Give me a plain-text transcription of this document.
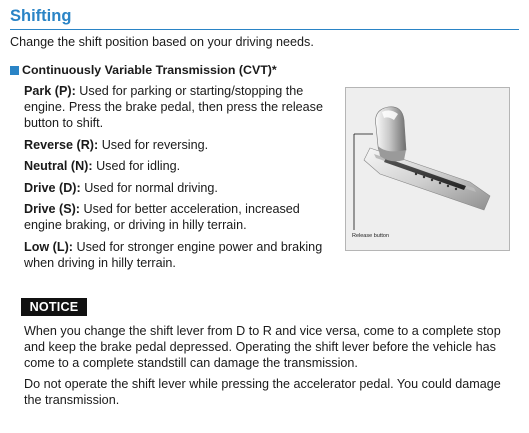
Shifting
Change the shift position based on your driving needs.
Continuously Variable Transmission (CVT)*
Park (P): Used for parking or starting/stopping the engine. Press the brake pedal, then press the release button to shift.
Reverse (R): Used for reversing.
Neutral (N): Used for idling.
Drive (D): Used for normal driving.
Drive (S): Used for better acceleration, increased engine braking, or driving in hilly terrain.
Low (L): Used for stronger engine power and braking when driving in hilly terrain.
Release button
NOTICE

When you change the shift lever from D to R and vice versa, come to a complete stop and keep the brake pedal depressed. Operating the shift lever before the vehicle has come to a complete standstill can damage the transmission.

Do not operate the shift lever while pressing the accelerator pedal. You could damage the transmission.
